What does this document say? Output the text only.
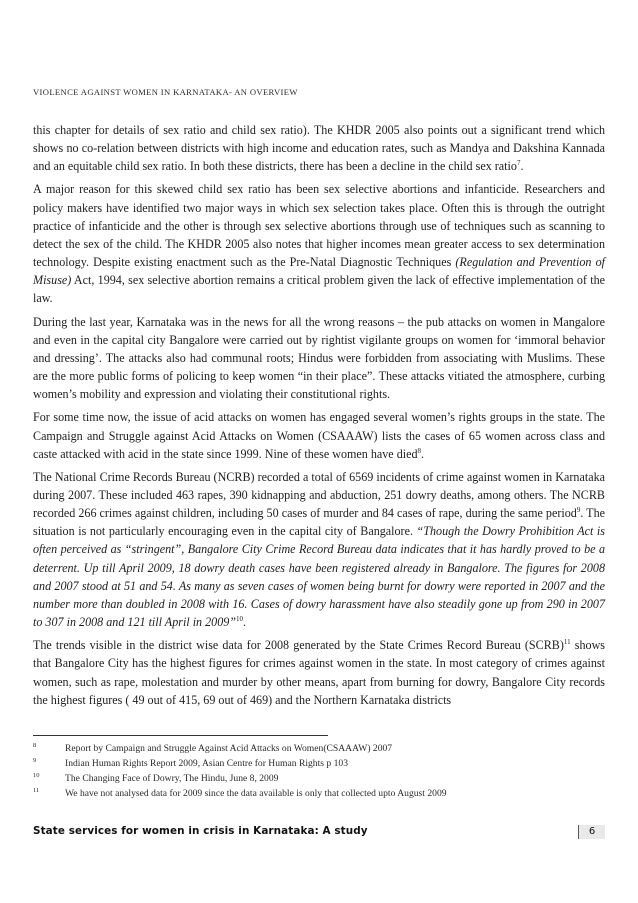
VIOLENCE AGAINST WOMEN IN KARNATAKA- AN OVERVIEW

this chapter for details of sex ratio and child sex ratio). The KHDR 2005 also points out a significant trend which shows no co-relation between districts with high income and education rates, such as Mandya and Dakshina Kannada and an equitable child sex ratio. In both these districts, there has been a decline in the child sex ratio$^7$.

A major reason for this skewed child sex ratio has been sex selective abortions and infanticide. Researchers and policy makers have identified two major ways in which sex selection takes place. Often this is through the outright practice of infanticide and the other is through sex selective abortions through use of techniques such as scanning to detect the sex of the child. The KHDR 2005 also notes that higher incomes mean greater access to sex determination technology. Despite existing enactment such as the Pre-Natal Diagnostic Techniques (Regulation and Prevention of Misuse) Act, 1994, sex selective abortion remains a critical problem given the lack of effective implementation of the law.

During the last year, Karnataka was in the news for all the wrong reasons – the pub attacks on women in Mangalore and even in the capital city Bangalore were carried out by rightist vigilante groups on women for ‘immoral behavior and dressing’. The attacks also had communal roots; Hindus were forbidden from associating with Muslims. These are the more public forms of policing to keep women “in their place”. These attacks vitiated the atmosphere, curbing women’s mobility and expression and violating their constitutional rights.

For some time now, the issue of acid attacks on women has engaged several women’s rights groups in the state. The Campaign and Struggle against Acid Attacks on Women (CSAAAW) lists the cases of 65 women across class and caste attacked with acid in the state since 1999. Nine of these women have died$^8$.

The National Crime Records Bureau (NCRB) recorded a total of 6569 incidents of crime against women in Karnataka during 2007. These included 463 rapes, 390 kidnapping and abduction, 251 dowry deaths, among others. The NCRB recorded 266 crimes against children, including 50 cases of murder and 84 cases of rape, during the same period$^9$. The situation is not particularly encouraging even in the capital city of Bangalore. “Though the Dowry Prohibition Act is often perceived as “stringent”, Bangalore City Crime Record Bureau data indicates that it has hardly proved to be a deterrent. Up till April 2009, 18 dowry death cases have been registered already in Bangalore. The figures for 2008 and 2007 stood at 51 and 54. As many as seven cases of women being burnt for dowry were reported in 2007 and the number more than doubled in 2008 with 16. Cases of dowry harassment have also steadily gone up from 290 in 2007 to 307 in 2008 and 121 till April in 2009”$^{10}$.

The trends visible in the district wise data for 2008 generated by the State Crimes Record Bureau (SCRB)$^{11}$ shows that Bangalore City has the highest figures for crimes against women in the state. In most category of crimes against women, such as rape, molestation and murder by other means, apart from burning for dowry, Bangalore City records the highest figures ( 49 out of 415, 69 out of 469) and the Northern Karnataka districts

8	Report by Campaign and Struggle Against Acid Attacks on Women(CSAAAW) 2007
9	Indian Human Rights Report 2009, Asian Centre for Human Rights p 103
10	The Changing Face of Dowry, The Hindu, June 8, 2009
11	We have not analysed data for 2009 since the data available is only that collected upto August 2009
State services for women in crisis in Karnataka: A study	6
